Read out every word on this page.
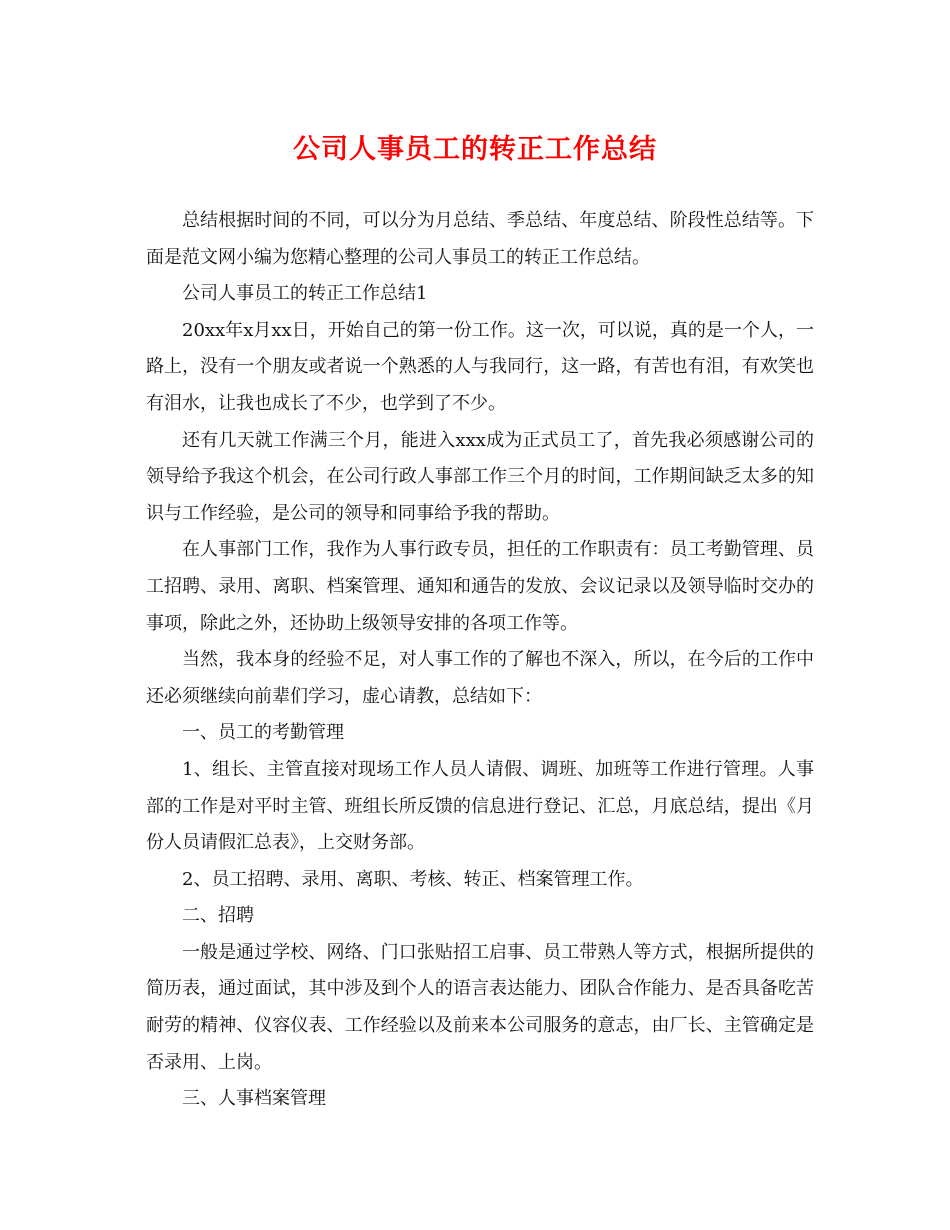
公司人事员工的转正工作总结

总结根据时间的不同，可以分为月总结、季总结、年度总结、阶段性总结等。下面是范文网小编为您精心整理的公司人事员工的转正工作总结。

公司人事员工的转正工作总结1

20xx年x月xx日，开始自己的第一份工作。这一次，可以说，真的是一个人，一路上，没有一个朋友或者说一个熟悉的人与我同行，这一路，有苦也有泪，有欢笑也有泪水，让我也成长了不少，也学到了不少。

还有几天就工作满三个月，能进入xxx成为正式员工了，首先我必须感谢公司的领导给予我这个机会，在公司行政人事部工作三个月的时间，工作期间缺乏太多的知识与工作经验，是公司的领导和同事给予我的帮助。

在人事部门工作，我作为人事行政专员，担任的工作职责有：员工考勤管理、员工招聘、录用、离职、档案管理、通知和通告的发放、会议记录以及领导临时交办的事项，除此之外，还协助上级领导安排的各项工作等。

当然，我本身的经验不足，对人事工作的了解也不深入，所以，在今后的工作中还必须继续向前辈们学习，虚心请教，总结如下：

一、员工的考勤管理

1、组长、主管直接对现场工作人员人请假、调班、加班等工作进行管理。人事部的工作是对平时主管、班组长所反馈的信息进行登记、汇总，月底总结，提出《月份人员请假汇总表》，上交财务部。

2、员工招聘、录用、离职、考核、转正、档案管理工作。

二、招聘

一般是通过学校、网络、门口张贴招工启事、员工带熟人等方式，根据所提供的简历表，通过面试，其中涉及到个人的语言表达能力、团队合作能力、是否具备吃苦耐劳的精神、仪容仪表、工作经验以及前来本公司服务的意志，由厂长、主管确定是否录用、上岗。

三、人事档案管理
